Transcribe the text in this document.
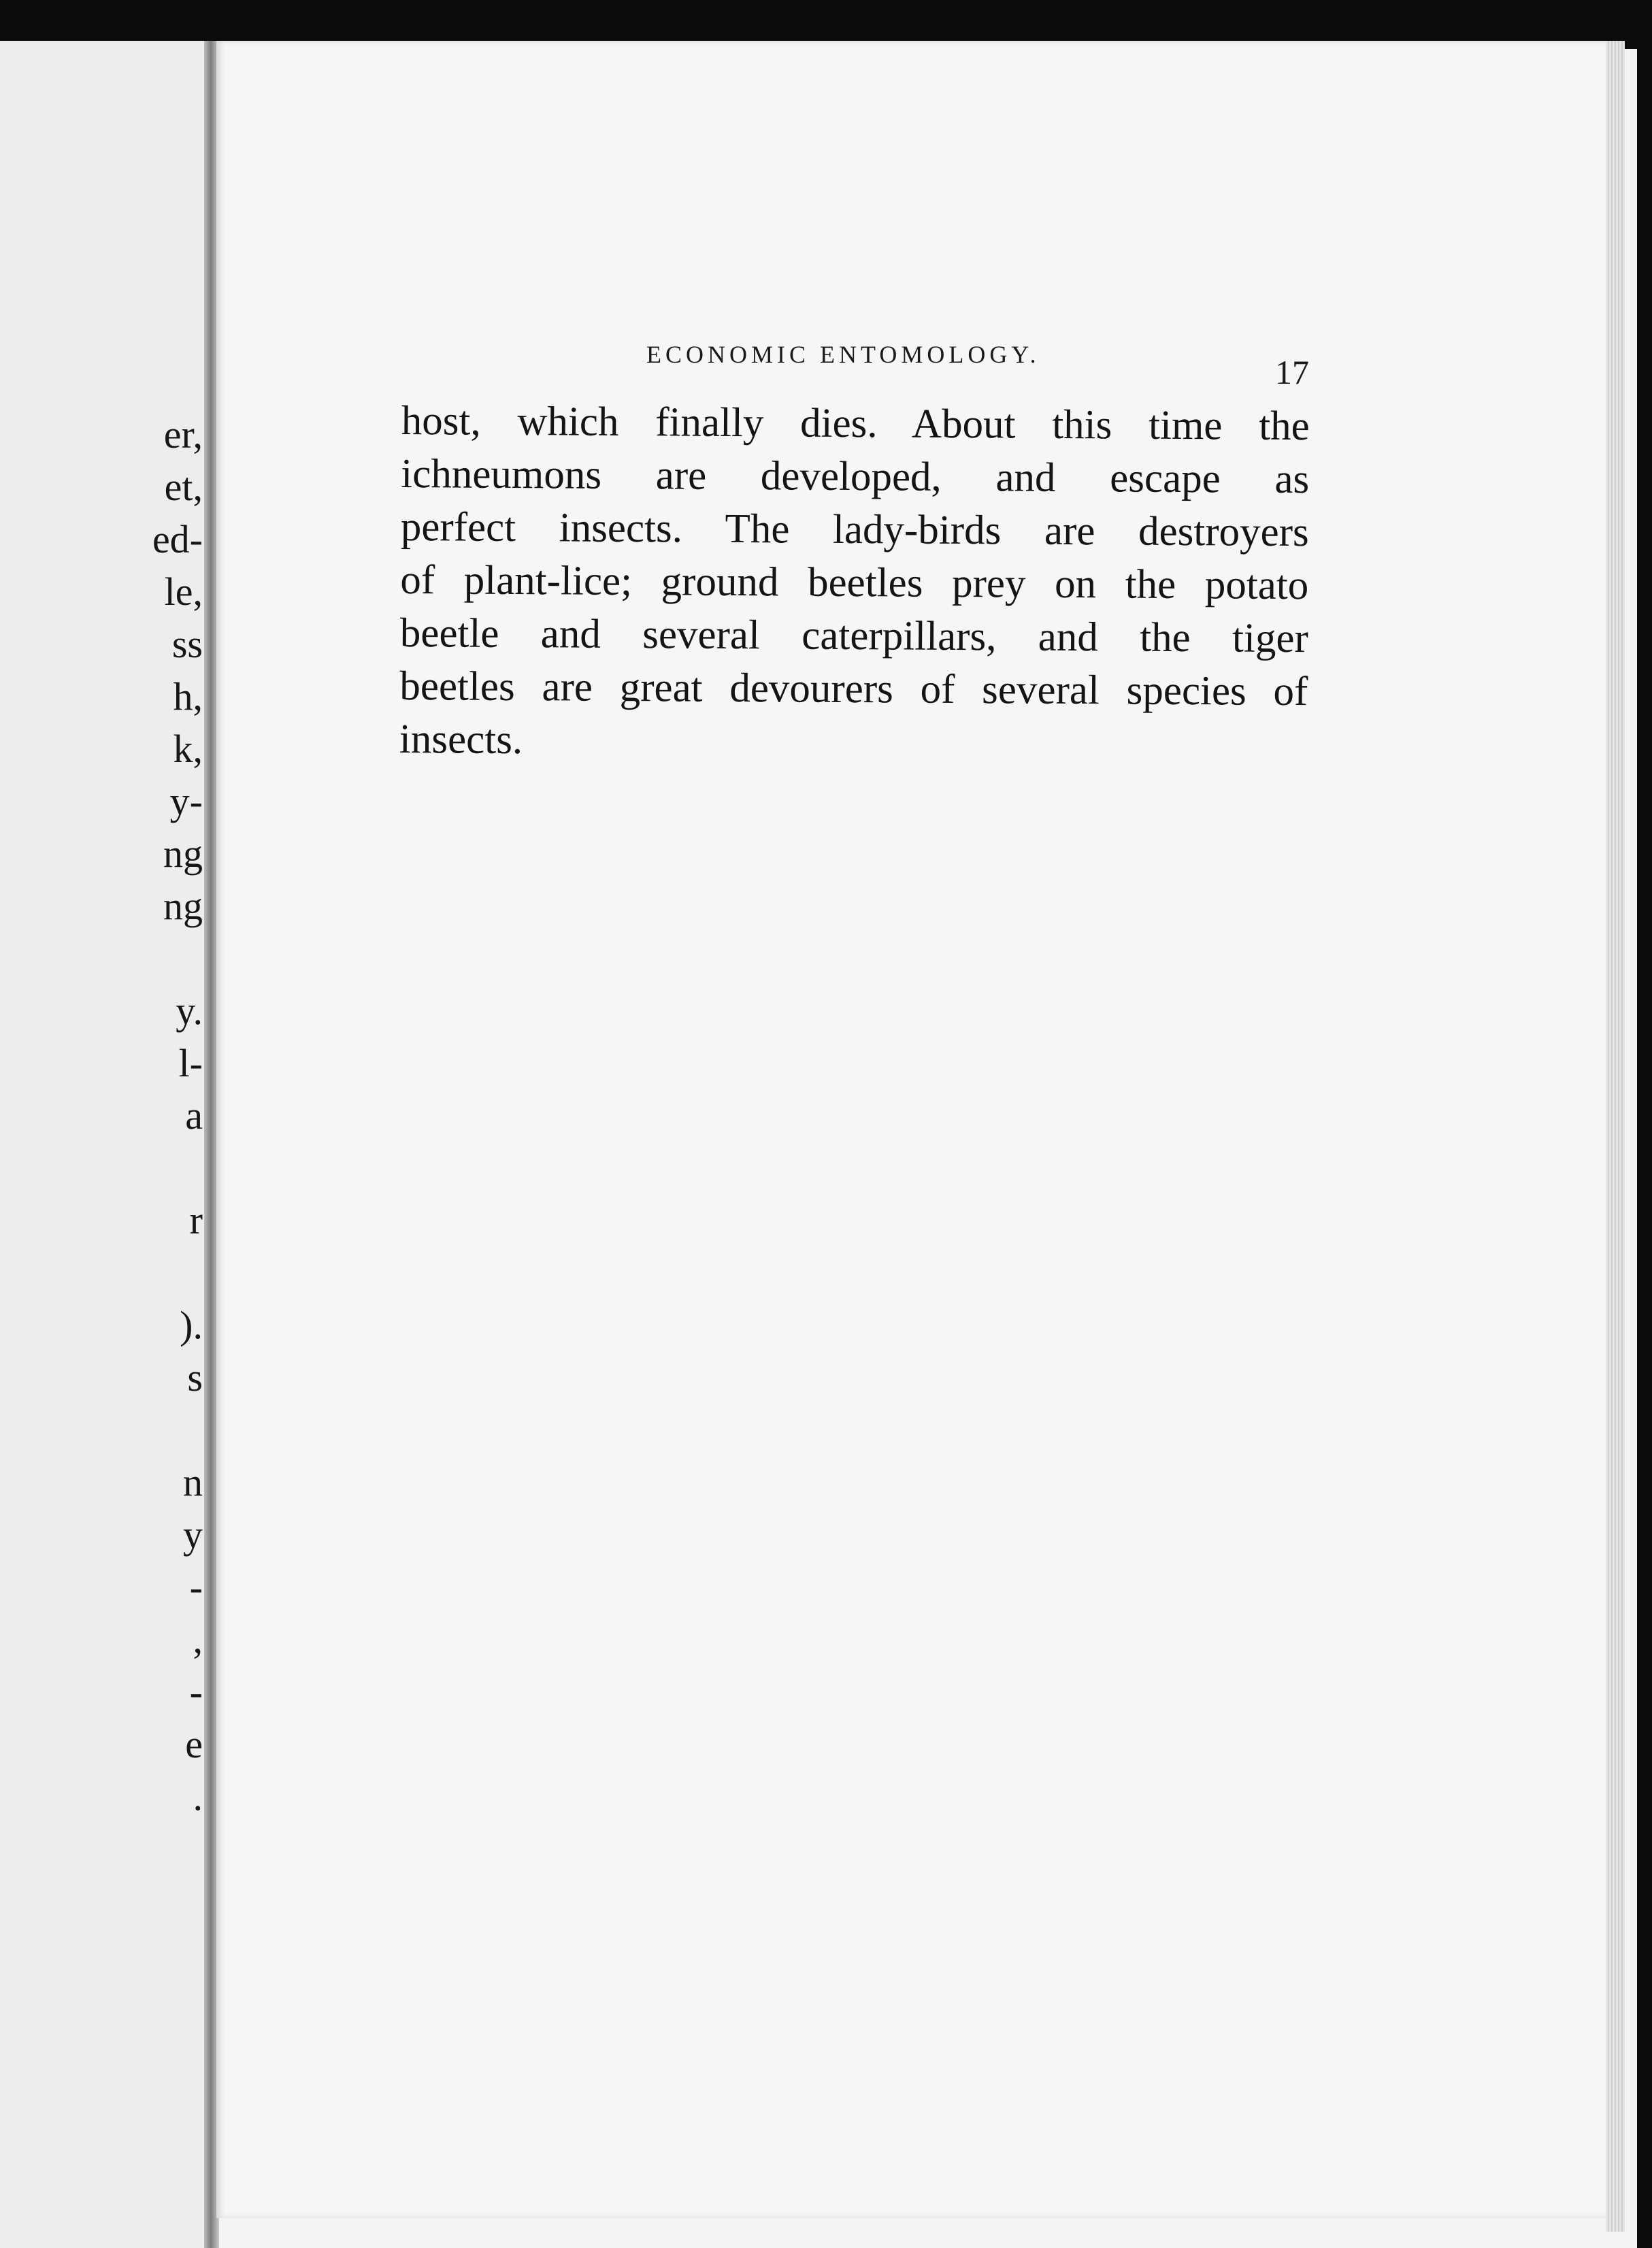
er,
et,
ed-
le,
ss
h,
k,
y-
ng
ng

y.
l-
a

r

).
s

n
y
-
,
-
e
.
ECONOMIC ENTOMOLOGY.	17
host, which finally dies. About this time the
ichneumons are developed, and escape as
perfect insects. The lady-birds are destroyers
of plant-lice; ground beetles prey on the potato
beetle and several caterpillars, and the tiger
beetles are great devourers of several species of
insects.
